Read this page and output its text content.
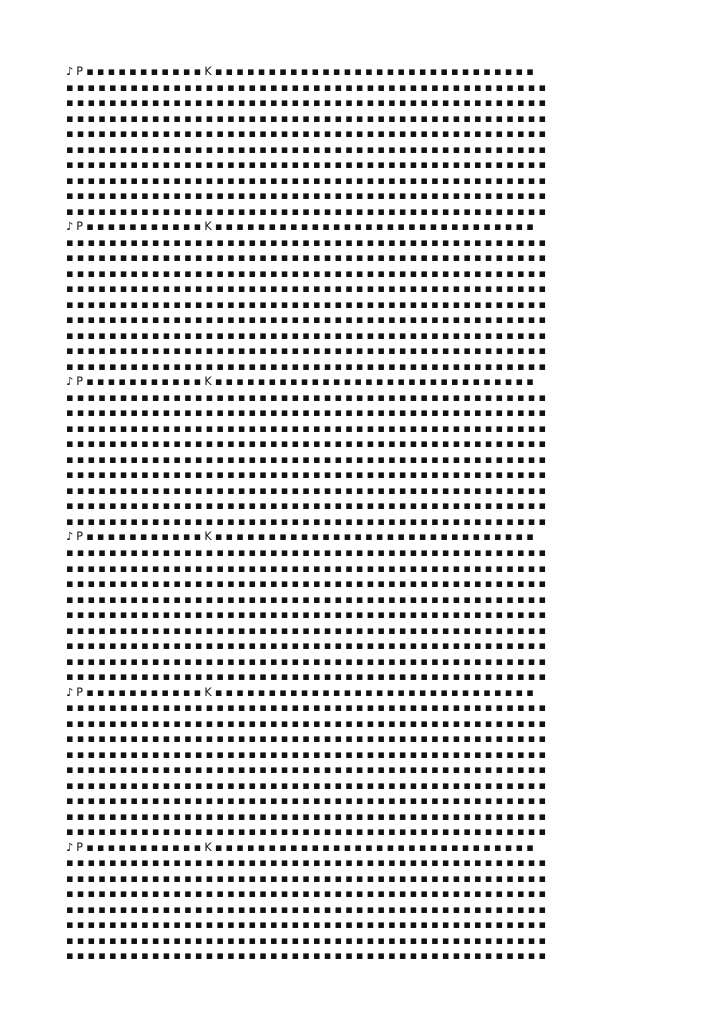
♪ P ▪ ▪ ▪ ▪ ▪ ▪ ▪ ▪ ▪ ▪ ▪ K ▪ ▪ ▪ ▪ ▪ ▪ ▪ ▪ ▪ ▪ ▪ ▪ ▪ ▪ ▪ ▪ ▪ ▪ ▪ ▪ ▪ ▪ ▪ ▪ ▪ ▪ ▪ ▪ ▪ ▪
▪ ▪ ▪ ▪ ▪ ▪ ▪ ▪ ▪ ▪ ▪ ▪ ▪ ▪ ▪ ▪ ▪ ▪ ▪ ▪ ▪ ▪ ▪ ▪ ▪ ▪ ▪ ▪ ▪ ▪ ▪ ▪ ▪ ▪ ▪ ▪ ▪ ▪ ▪ ▪ ▪ ▪ ▪ ▪ ▪
▪ ▪ ▪ ▪ ▪ ▪ ▪ ▪ ▪ ▪ ▪ ▪ ▪ ▪ ▪ ▪ ▪ ▪ ▪ ▪ ▪ ▪ ▪ ▪ ▪ ▪ ▪ ▪ ▪ ▪ ▪ ▪ ▪ ▪ ▪ ▪ ▪ ▪ ▪ ▪ ▪ ▪ ▪ ▪ ▪
▪ ▪ ▪ ▪ ▪ ▪ ▪ ▪ ▪ ▪ ▪ ▪ ▪ ▪ ▪ ▪ ▪ ▪ ▪ ▪ ▪ ▪ ▪ ▪ ▪ ▪ ▪ ▪ ▪ ▪ ▪ ▪ ▪ ▪ ▪ ▪ ▪ ▪ ▪ ▪ ▪ ▪ ▪ ▪ ▪
▪ ▪ ▪ ▪ ▪ ▪ ▪ ▪ ▪ ▪ ▪ ▪ ▪ ▪ ▪ ▪ ▪ ▪ ▪ ▪ ▪ ▪ ▪ ▪ ▪ ▪ ▪ ▪ ▪ ▪ ▪ ▪ ▪ ▪ ▪ ▪ ▪ ▪ ▪ ▪ ▪ ▪ ▪ ▪ ▪
▪ ▪ ▪ ▪ ▪ ▪ ▪ ▪ ▪ ▪ ▪ ▪ ▪ ▪ ▪ ▪ ▪ ▪ ▪ ▪ ▪ ▪ ▪ ▪ ▪ ▪ ▪ ▪ ▪ ▪ ▪ ▪ ▪ ▪ ▪ ▪ ▪ ▪ ▪ ▪ ▪ ▪ ▪ ▪ ▪
▪ ▪ ▪ ▪ ▪ ▪ ▪ ▪ ▪ ▪ ▪ ▪ ▪ ▪ ▪ ▪ ▪ ▪ ▪ ▪ ▪ ▪ ▪ ▪ ▪ ▪ ▪ ▪ ▪ ▪ ▪ ▪ ▪ ▪ ▪ ▪ ▪ ▪ ▪ ▪ ▪ ▪ ▪ ▪ ▪
▪ ▪ ▪ ▪ ▪ ▪ ▪ ▪ ▪ ▪ ▪ ▪ ▪ ▪ ▪ ▪ ▪ ▪ ▪ ▪ ▪ ▪ ▪ ▪ ▪ ▪ ▪ ▪ ▪ ▪ ▪ ▪ ▪ ▪ ▪ ▪ ▪ ▪ ▪ ▪ ▪ ▪ ▪ ▪ ▪
▪ ▪ ▪ ▪ ▪ ▪ ▪ ▪ ▪ ▪ ▪ ▪ ▪ ▪ ▪ ▪ ▪ ▪ ▪ ▪ ▪ ▪ ▪ ▪ ▪ ▪ ▪ ▪ ▪ ▪ ▪ ▪ ▪ ▪ ▪ ▪ ▪ ▪ ▪ ▪ ▪ ▪ ▪ ▪ ▪
▪ ▪ ▪ ▪ ▪ ▪ ▪ ▪ ▪ ▪ ▪ ▪ ▪ ▪ ▪ ▪ ▪ ▪ ▪ ▪ ▪ ▪ ▪ ▪ ▪ ▪ ▪ ▪ ▪ ▪ ▪ ▪ ▪ ▪ ▪ ▪ ▪ ▪ ▪ ▪ ▪ ▪ ▪ ▪ ▪
♪ P ▪ ▪ ▪ ▪ ▪ ▪ ▪ ▪ ▪ ▪ ▪ K ▪ ▪ ▪ ▪ ▪ ▪ ▪ ▪ ▪ ▪ ▪ ▪ ▪ ▪ ▪ ▪ ▪ ▪ ▪ ▪ ▪ ▪ ▪ ▪ ▪ ▪ ▪ ▪ ▪ ▪
▪ ▪ ▪ ▪ ▪ ▪ ▪ ▪ ▪ ▪ ▪ ▪ ▪ ▪ ▪ ▪ ▪ ▪ ▪ ▪ ▪ ▪ ▪ ▪ ▪ ▪ ▪ ▪ ▪ ▪ ▪ ▪ ▪ ▪ ▪ ▪ ▪ ▪ ▪ ▪ ▪ ▪ ▪ ▪ ▪
▪ ▪ ▪ ▪ ▪ ▪ ▪ ▪ ▪ ▪ ▪ ▪ ▪ ▪ ▪ ▪ ▪ ▪ ▪ ▪ ▪ ▪ ▪ ▪ ▪ ▪ ▪ ▪ ▪ ▪ ▪ ▪ ▪ ▪ ▪ ▪ ▪ ▪ ▪ ▪ ▪ ▪ ▪ ▪ ▪
▪ ▪ ▪ ▪ ▪ ▪ ▪ ▪ ▪ ▪ ▪ ▪ ▪ ▪ ▪ ▪ ▪ ▪ ▪ ▪ ▪ ▪ ▪ ▪ ▪ ▪ ▪ ▪ ▪ ▪ ▪ ▪ ▪ ▪ ▪ ▪ ▪ ▪ ▪ ▪ ▪ ▪ ▪ ▪ ▪
▪ ▪ ▪ ▪ ▪ ▪ ▪ ▪ ▪ ▪ ▪ ▪ ▪ ▪ ▪ ▪ ▪ ▪ ▪ ▪ ▪ ▪ ▪ ▪ ▪ ▪ ▪ ▪ ▪ ▪ ▪ ▪ ▪ ▪ ▪ ▪ ▪ ▪ ▪ ▪ ▪ ▪ ▪ ▪ ▪
▪ ▪ ▪ ▪ ▪ ▪ ▪ ▪ ▪ ▪ ▪ ▪ ▪ ▪ ▪ ▪ ▪ ▪ ▪ ▪ ▪ ▪ ▪ ▪ ▪ ▪ ▪ ▪ ▪ ▪ ▪ ▪ ▪ ▪ ▪ ▪ ▪ ▪ ▪ ▪ ▪ ▪ ▪ ▪ ▪
▪ ▪ ▪ ▪ ▪ ▪ ▪ ▪ ▪ ▪ ▪ ▪ ▪ ▪ ▪ ▪ ▪ ▪ ▪ ▪ ▪ ▪ ▪ ▪ ▪ ▪ ▪ ▪ ▪ ▪ ▪ ▪ ▪ ▪ ▪ ▪ ▪ ▪ ▪ ▪ ▪ ▪ ▪ ▪ ▪
▪ ▪ ▪ ▪ ▪ ▪ ▪ ▪ ▪ ▪ ▪ ▪ ▪ ▪ ▪ ▪ ▪ ▪ ▪ ▪ ▪ ▪ ▪ ▪ ▪ ▪ ▪ ▪ ▪ ▪ ▪ ▪ ▪ ▪ ▪ ▪ ▪ ▪ ▪ ▪ ▪ ▪ ▪ ▪ ▪
▪ ▪ ▪ ▪ ▪ ▪ ▪ ▪ ▪ ▪ ▪ ▪ ▪ ▪ ▪ ▪ ▪ ▪ ▪ ▪ ▪ ▪ ▪ ▪ ▪ ▪ ▪ ▪ ▪ ▪ ▪ ▪ ▪ ▪ ▪ ▪ ▪ ▪ ▪ ▪ ▪ ▪ ▪ ▪ ▪
▪ ▪ ▪ ▪ ▪ ▪ ▪ ▪ ▪ ▪ ▪ ▪ ▪ ▪ ▪ ▪ ▪ ▪ ▪ ▪ ▪ ▪ ▪ ▪ ▪ ▪ ▪ ▪ ▪ ▪ ▪ ▪ ▪ ▪ ▪ ▪ ▪ ▪ ▪ ▪ ▪ ▪ ▪ ▪ ▪
♪ P ▪ ▪ ▪ ▪ ▪ ▪ ▪ ▪ ▪ ▪ ▪ K ▪ ▪ ▪ ▪ ▪ ▪ ▪ ▪ ▪ ▪ ▪ ▪ ▪ ▪ ▪ ▪ ▪ ▪ ▪ ▪ ▪ ▪ ▪ ▪ ▪ ▪ ▪ ▪ ▪ ▪
▪ ▪ ▪ ▪ ▪ ▪ ▪ ▪ ▪ ▪ ▪ ▪ ▪ ▪ ▪ ▪ ▪ ▪ ▪ ▪ ▪ ▪ ▪ ▪ ▪ ▪ ▪ ▪ ▪ ▪ ▪ ▪ ▪ ▪ ▪ ▪ ▪ ▪ ▪ ▪ ▪ ▪ ▪ ▪ ▪
▪ ▪ ▪ ▪ ▪ ▪ ▪ ▪ ▪ ▪ ▪ ▪ ▪ ▪ ▪ ▪ ▪ ▪ ▪ ▪ ▪ ▪ ▪ ▪ ▪ ▪ ▪ ▪ ▪ ▪ ▪ ▪ ▪ ▪ ▪ ▪ ▪ ▪ ▪ ▪ ▪ ▪ ▪ ▪ ▪
▪ ▪ ▪ ▪ ▪ ▪ ▪ ▪ ▪ ▪ ▪ ▪ ▪ ▪ ▪ ▪ ▪ ▪ ▪ ▪ ▪ ▪ ▪ ▪ ▪ ▪ ▪ ▪ ▪ ▪ ▪ ▪ ▪ ▪ ▪ ▪ ▪ ▪ ▪ ▪ ▪ ▪ ▪ ▪ ▪
▪ ▪ ▪ ▪ ▪ ▪ ▪ ▪ ▪ ▪ ▪ ▪ ▪ ▪ ▪ ▪ ▪ ▪ ▪ ▪ ▪ ▪ ▪ ▪ ▪ ▪ ▪ ▪ ▪ ▪ ▪ ▪ ▪ ▪ ▪ ▪ ▪ ▪ ▪ ▪ ▪ ▪ ▪ ▪ ▪
▪ ▪ ▪ ▪ ▪ ▪ ▪ ▪ ▪ ▪ ▪ ▪ ▪ ▪ ▪ ▪ ▪ ▪ ▪ ▪ ▪ ▪ ▪ ▪ ▪ ▪ ▪ ▪ ▪ ▪ ▪ ▪ ▪ ▪ ▪ ▪ ▪ ▪ ▪ ▪ ▪ ▪ ▪ ▪ ▪
▪ ▪ ▪ ▪ ▪ ▪ ▪ ▪ ▪ ▪ ▪ ▪ ▪ ▪ ▪ ▪ ▪ ▪ ▪ ▪ ▪ ▪ ▪ ▪ ▪ ▪ ▪ ▪ ▪ ▪ ▪ ▪ ▪ ▪ ▪ ▪ ▪ ▪ ▪ ▪ ▪ ▪ ▪ ▪ ▪
▪ ▪ ▪ ▪ ▪ ▪ ▪ ▪ ▪ ▪ ▪ ▪ ▪ ▪ ▪ ▪ ▪ ▪ ▪ ▪ ▪ ▪ ▪ ▪ ▪ ▪ ▪ ▪ ▪ ▪ ▪ ▪ ▪ ▪ ▪ ▪ ▪ ▪ ▪ ▪ ▪ ▪ ▪ ▪ ▪
▪ ▪ ▪ ▪ ▪ ▪ ▪ ▪ ▪ ▪ ▪ ▪ ▪ ▪ ▪ ▪ ▪ ▪ ▪ ▪ ▪ ▪ ▪ ▪ ▪ ▪ ▪ ▪ ▪ ▪ ▪ ▪ ▪ ▪ ▪ ▪ ▪ ▪ ▪ ▪ ▪ ▪ ▪ ▪ ▪
▪ ▪ ▪ ▪ ▪ ▪ ▪ ▪ ▪ ▪ ▪ ▪ ▪ ▪ ▪ ▪ ▪ ▪ ▪ ▪ ▪ ▪ ▪ ▪ ▪ ▪ ▪ ▪ ▪ ▪ ▪ ▪ ▪ ▪ ▪ ▪ ▪ ▪ ▪ ▪ ▪ ▪ ▪ ▪ ▪
♪ P ▪ ▪ ▪ ▪ ▪ ▪ ▪ ▪ ▪ ▪ ▪ K ▪ ▪ ▪ ▪ ▪ ▪ ▪ ▪ ▪ ▪ ▪ ▪ ▪ ▪ ▪ ▪ ▪ ▪ ▪ ▪ ▪ ▪ ▪ ▪ ▪ ▪ ▪ ▪ ▪ ▪
▪ ▪ ▪ ▪ ▪ ▪ ▪ ▪ ▪ ▪ ▪ ▪ ▪ ▪ ▪ ▪ ▪ ▪ ▪ ▪ ▪ ▪ ▪ ▪ ▪ ▪ ▪ ▪ ▪ ▪ ▪ ▪ ▪ ▪ ▪ ▪ ▪ ▪ ▪ ▪ ▪ ▪ ▪ ▪ ▪
▪ ▪ ▪ ▪ ▪ ▪ ▪ ▪ ▪ ▪ ▪ ▪ ▪ ▪ ▪ ▪ ▪ ▪ ▪ ▪ ▪ ▪ ▪ ▪ ▪ ▪ ▪ ▪ ▪ ▪ ▪ ▪ ▪ ▪ ▪ ▪ ▪ ▪ ▪ ▪ ▪ ▪ ▪ ▪ ▪
▪ ▪ ▪ ▪ ▪ ▪ ▪ ▪ ▪ ▪ ▪ ▪ ▪ ▪ ▪ ▪ ▪ ▪ ▪ ▪ ▪ ▪ ▪ ▪ ▪ ▪ ▪ ▪ ▪ ▪ ▪ ▪ ▪ ▪ ▪ ▪ ▪ ▪ ▪ ▪ ▪ ▪ ▪ ▪ ▪
▪ ▪ ▪ ▪ ▪ ▪ ▪ ▪ ▪ ▪ ▪ ▪ ▪ ▪ ▪ ▪ ▪ ▪ ▪ ▪ ▪ ▪ ▪ ▪ ▪ ▪ ▪ ▪ ▪ ▪ ▪ ▪ ▪ ▪ ▪ ▪ ▪ ▪ ▪ ▪ ▪ ▪ ▪ ▪ ▪
▪ ▪ ▪ ▪ ▪ ▪ ▪ ▪ ▪ ▪ ▪ ▪ ▪ ▪ ▪ ▪ ▪ ▪ ▪ ▪ ▪ ▪ ▪ ▪ ▪ ▪ ▪ ▪ ▪ ▪ ▪ ▪ ▪ ▪ ▪ ▪ ▪ ▪ ▪ ▪ ▪ ▪ ▪ ▪ ▪
▪ ▪ ▪ ▪ ▪ ▪ ▪ ▪ ▪ ▪ ▪ ▪ ▪ ▪ ▪ ▪ ▪ ▪ ▪ ▪ ▪ ▪ ▪ ▪ ▪ ▪ ▪ ▪ ▪ ▪ ▪ ▪ ▪ ▪ ▪ ▪ ▪ ▪ ▪ ▪ ▪ ▪ ▪ ▪ ▪
▪ ▪ ▪ ▪ ▪ ▪ ▪ ▪ ▪ ▪ ▪ ▪ ▪ ▪ ▪ ▪ ▪ ▪ ▪ ▪ ▪ ▪ ▪ ▪ ▪ ▪ ▪ ▪ ▪ ▪ ▪ ▪ ▪ ▪ ▪ ▪ ▪ ▪ ▪ ▪ ▪ ▪ ▪ ▪ ▪
▪ ▪ ▪ ▪ ▪ ▪ ▪ ▪ ▪ ▪ ▪ ▪ ▪ ▪ ▪ ▪ ▪ ▪ ▪ ▪ ▪ ▪ ▪ ▪ ▪ ▪ ▪ ▪ ▪ ▪ ▪ ▪ ▪ ▪ ▪ ▪ ▪ ▪ ▪ ▪ ▪ ▪ ▪ ▪ ▪
▪ ▪ ▪ ▪ ▪ ▪ ▪ ▪ ▪ ▪ ▪ ▪ ▪ ▪ ▪ ▪ ▪ ▪ ▪ ▪ ▪ ▪ ▪ ▪ ▪ ▪ ▪ ▪ ▪ ▪ ▪ ▪ ▪ ▪ ▪ ▪ ▪ ▪ ▪ ▪ ▪ ▪ ▪ ▪ ▪
♪ P ▪ ▪ ▪ ▪ ▪ ▪ ▪ ▪ ▪ ▪ ▪ K ▪ ▪ ▪ ▪ ▪ ▪ ▪ ▪ ▪ ▪ ▪ ▪ ▪ ▪ ▪ ▪ ▪ ▪ ▪ ▪ ▪ ▪ ▪ ▪ ▪ ▪ ▪ ▪ ▪ ▪
▪ ▪ ▪ ▪ ▪ ▪ ▪ ▪ ▪ ▪ ▪ ▪ ▪ ▪ ▪ ▪ ▪ ▪ ▪ ▪ ▪ ▪ ▪ ▪ ▪ ▪ ▪ ▪ ▪ ▪ ▪ ▪ ▪ ▪ ▪ ▪ ▪ ▪ ▪ ▪ ▪ ▪ ▪ ▪ ▪
▪ ▪ ▪ ▪ ▪ ▪ ▪ ▪ ▪ ▪ ▪ ▪ ▪ ▪ ▪ ▪ ▪ ▪ ▪ ▪ ▪ ▪ ▪ ▪ ▪ ▪ ▪ ▪ ▪ ▪ ▪ ▪ ▪ ▪ ▪ ▪ ▪ ▪ ▪ ▪ ▪ ▪ ▪ ▪ ▪
▪ ▪ ▪ ▪ ▪ ▪ ▪ ▪ ▪ ▪ ▪ ▪ ▪ ▪ ▪ ▪ ▪ ▪ ▪ ▪ ▪ ▪ ▪ ▪ ▪ ▪ ▪ ▪ ▪ ▪ ▪ ▪ ▪ ▪ ▪ ▪ ▪ ▪ ▪ ▪ ▪ ▪ ▪ ▪ ▪
▪ ▪ ▪ ▪ ▪ ▪ ▪ ▪ ▪ ▪ ▪ ▪ ▪ ▪ ▪ ▪ ▪ ▪ ▪ ▪ ▪ ▪ ▪ ▪ ▪ ▪ ▪ ▪ ▪ ▪ ▪ ▪ ▪ ▪ ▪ ▪ ▪ ▪ ▪ ▪ ▪ ▪ ▪ ▪ ▪
▪ ▪ ▪ ▪ ▪ ▪ ▪ ▪ ▪ ▪ ▪ ▪ ▪ ▪ ▪ ▪ ▪ ▪ ▪ ▪ ▪ ▪ ▪ ▪ ▪ ▪ ▪ ▪ ▪ ▪ ▪ ▪ ▪ ▪ ▪ ▪ ▪ ▪ ▪ ▪ ▪ ▪ ▪ ▪ ▪
▪ ▪ ▪ ▪ ▪ ▪ ▪ ▪ ▪ ▪ ▪ ▪ ▪ ▪ ▪ ▪ ▪ ▪ ▪ ▪ ▪ ▪ ▪ ▪ ▪ ▪ ▪ ▪ ▪ ▪ ▪ ▪ ▪ ▪ ▪ ▪ ▪ ▪ ▪ ▪ ▪ ▪ ▪ ▪ ▪
▪ ▪ ▪ ▪ ▪ ▪ ▪ ▪ ▪ ▪ ▪ ▪ ▪ ▪ ▪ ▪ ▪ ▪ ▪ ▪ ▪ ▪ ▪ ▪ ▪ ▪ ▪ ▪ ▪ ▪ ▪ ▪ ▪ ▪ ▪ ▪ ▪ ▪ ▪ ▪ ▪ ▪ ▪ ▪ ▪
▪ ▪ ▪ ▪ ▪ ▪ ▪ ▪ ▪ ▪ ▪ ▪ ▪ ▪ ▪ ▪ ▪ ▪ ▪ ▪ ▪ ▪ ▪ ▪ ▪ ▪ ▪ ▪ ▪ ▪ ▪ ▪ ▪ ▪ ▪ ▪ ▪ ▪ ▪ ▪ ▪ ▪ ▪ ▪ ▪
▪ ▪ ▪ ▪ ▪ ▪ ▪ ▪ ▪ ▪ ▪ ▪ ▪ ▪ ▪ ▪ ▪ ▪ ▪ ▪ ▪ ▪ ▪ ▪ ▪ ▪ ▪ ▪ ▪ ▪ ▪ ▪ ▪ ▪ ▪ ▪ ▪ ▪ ▪ ▪ ▪ ▪ ▪ ▪ ▪
♪ P ▪ ▪ ▪ ▪ ▪ ▪ ▪ ▪ ▪ ▪ ▪ K ▪ ▪ ▪ ▪ ▪ ▪ ▪ ▪ ▪ ▪ ▪ ▪ ▪ ▪ ▪ ▪ ▪ ▪ ▪ ▪ ▪ ▪ ▪ ▪ ▪ ▪ ▪ ▪ ▪ ▪
▪ ▪ ▪ ▪ ▪ ▪ ▪ ▪ ▪ ▪ ▪ ▪ ▪ ▪ ▪ ▪ ▪ ▪ ▪ ▪ ▪ ▪ ▪ ▪ ▪ ▪ ▪ ▪ ▪ ▪ ▪ ▪ ▪ ▪ ▪ ▪ ▪ ▪ ▪ ▪ ▪ ▪ ▪ ▪ ▪
▪ ▪ ▪ ▪ ▪ ▪ ▪ ▪ ▪ ▪ ▪ ▪ ▪ ▪ ▪ ▪ ▪ ▪ ▪ ▪ ▪ ▪ ▪ ▪ ▪ ▪ ▪ ▪ ▪ ▪ ▪ ▪ ▪ ▪ ▪ ▪ ▪ ▪ ▪ ▪ ▪ ▪ ▪ ▪ ▪
▪ ▪ ▪ ▪ ▪ ▪ ▪ ▪ ▪ ▪ ▪ ▪ ▪ ▪ ▪ ▪ ▪ ▪ ▪ ▪ ▪ ▪ ▪ ▪ ▪ ▪ ▪ ▪ ▪ ▪ ▪ ▪ ▪ ▪ ▪ ▪ ▪ ▪ ▪ ▪ ▪ ▪ ▪ ▪ ▪
▪ ▪ ▪ ▪ ▪ ▪ ▪ ▪ ▪ ▪ ▪ ▪ ▪ ▪ ▪ ▪ ▪ ▪ ▪ ▪ ▪ ▪ ▪ ▪ ▪ ▪ ▪ ▪ ▪ ▪ ▪ ▪ ▪ ▪ ▪ ▪ ▪ ▪ ▪ ▪ ▪ ▪ ▪ ▪ ▪
▪ ▪ ▪ ▪ ▪ ▪ ▪ ▪ ▪ ▪ ▪ ▪ ▪ ▪ ▪ ▪ ▪ ▪ ▪ ▪ ▪ ▪ ▪ ▪ ▪ ▪ ▪ ▪ ▪ ▪ ▪ ▪ ▪ ▪ ▪ ▪ ▪ ▪ ▪ ▪ ▪ ▪ ▪ ▪ ▪
▪ ▪ ▪ ▪ ▪ ▪ ▪ ▪ ▪ ▪ ▪ ▪ ▪ ▪ ▪ ▪ ▪ ▪ ▪ ▪ ▪ ▪ ▪ ▪ ▪ ▪ ▪ ▪ ▪ ▪ ▪ ▪ ▪ ▪ ▪ ▪ ▪ ▪ ▪ ▪ ▪ ▪ ▪ ▪ ▪
▪ ▪ ▪ ▪ ▪ ▪ ▪ ▪ ▪ ▪ ▪ ▪ ▪ ▪ ▪ ▪ ▪ ▪ ▪ ▪ ▪ ▪ ▪ ▪ ▪ ▪ ▪ ▪ ▪ ▪ ▪ ▪ ▪ ▪ ▪ ▪ ▪ ▪ ▪ ▪ ▪ ▪ ▪ ▪ ▪
